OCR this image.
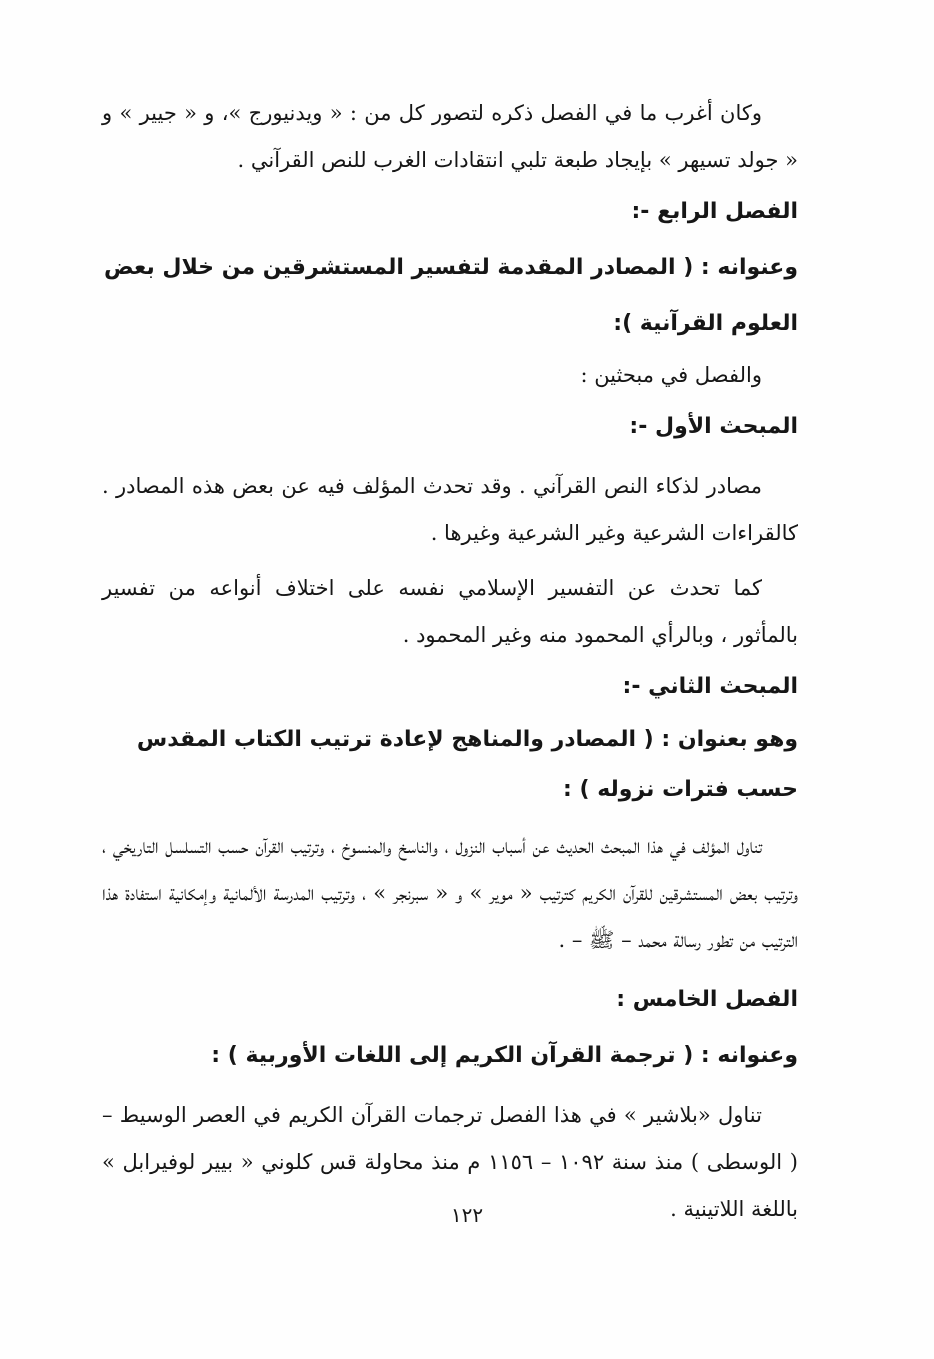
وكان أغرب ما في الفصل ذكره لتصور كل من : « ويدنيورج »، و « جيير » و « جولد تسيهر » بإيجاد طبعة تلبي انتقادات الغرب للنص القرآني .

الفصل الرابع -:

وعنوانه : ( المصادر المقدمة لتفسير المستشرقين من خلال بعض العلوم القرآنية ):

والفصل في مبحثين :

المبحث الأول -:

مصادر لذكاء النص القرآني . وقد تحدث المؤلف فيه عن بعض هذه المصادر . كالقراءات الشرعية وغير الشرعية وغيرها .

كما تحدث عن التفسير الإسلامي نفسه على اختلاف أنواعه من تفسير بالمأثور ، وبالرأي المحمود منه وغير المحمود .

المبحث الثاني -:

وهو بعنوان : ( المصادر والمناهج لإعادة ترتيب الكتاب المقدس حسب فترات نزوله ) :

تناول المؤلف في هذا المبحث الحديث عن أسباب النزول ، والناسخ والمنسوخ ، وترتيب القرآن حسب التسلسل التاريخي ، وترتيب بعض المستشرقين للقرآن الكريم كترتيب « موير » و « سبرنجر » ، وترتيب المدرسة الألمانية وإمكانية استفادة هذا الترتيب من تطور رسالة محمد – ﷺ – .

الفصل الخامس :

وعنوانه : ( ترجمة القرآن الكريم إلى اللغات الأوربية ) :

تناول «بلاشير » في هذا الفصل ترجمات القرآن الكريم في العصر الوسيط – ( الوسطى ) منذ سنة ١٠٩٢ – ١١٥٦ م منذ محاولة قس كلوني « بيير لوفيرابل » باللغة اللاتينية .

١٢٢
